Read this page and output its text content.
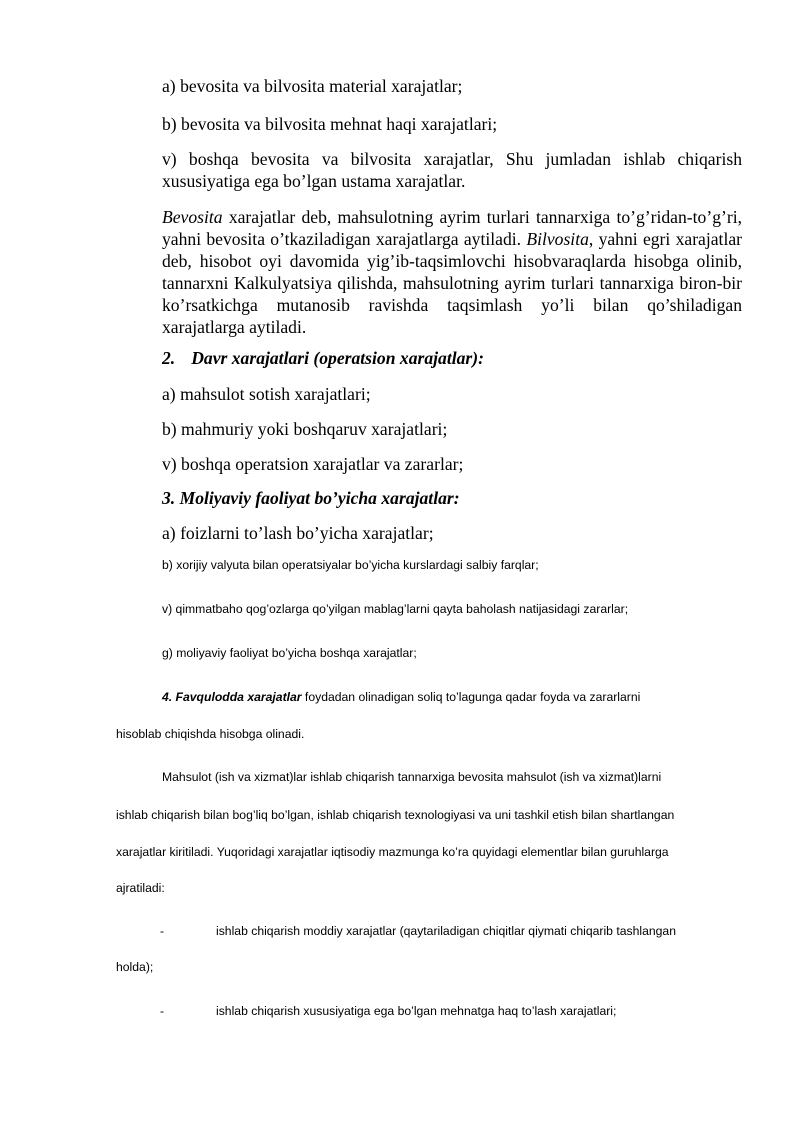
a) bevosita va bilvosita material xarajatlar;
b) bevosita va bilvosita mehnat haqi xarajatlari;
v) boshqa bevosita va bilvosita xarajatlar, Shu jumladan ishlab chiqarish xususiyatiga ega bo’lgan ustama xarajatlar.
Bevosita xarajatlar deb, mahsulotning ayrim turlari tannarxiga to’g’ridan-to’g’ri, yahni bevosita o’tkaziladigan xarajatlarga aytiladi. Bilvosita, yahni egri xarajatlar deb, hisobot oyi davomida yig’ib-taqsimlovchi hisobvaraqlarda hisobga olinib, tannarxni Kalkulyatsiya qilishda, mahsulotning ayrim turlari tannarxiga biron-bir ko’rsatkichga mutanosib ravishda taqsimlash yo’li bilan qo’shiladigan xarajatlarga aytiladi.
2. Davr xarajatlari (operatsion xarajatlar):
a) mahsulot sotish xarajatlari;
b) mahmuriy yoki boshqaruv xarajatlari;
v) boshqa operatsion xarajatlar va zararlar;
3. Moliyaviy faoliyat bo’yicha xarajatlar:
a) foizlarni to’lash bo’yicha xarajatlar;
b) xorijiy valyuta bilan operatsiyalar bo’yicha kurslardagi salbiy farqlar;
v) qimmatbaho qog’ozlarga qo’yilgan mablag’larni qayta baholash natijasidagi zararlar;
g) moliyaviy faoliyat bo’yicha boshqa xarajatlar;
4. Favqulodda xarajatlar foydadan olinadigan soliq to’lagunga qadar foyda va zararlarni
hisoblab chiqishda hisobga olinadi.
Mahsulot (ish va xizmat)lar ishlab chiqarish tannarxiga bevosita mahsulot (ish va xizmat)larni
ishlab chiqarish bilan bog’liq bo’lgan, ishlab chiqarish texnologiyasi va uni tashkil etish bilan shartlangan
xarajatlar kiritiladi. Yuqoridagi xarajatlar iqtisodiy mazmunga ko’ra quyidagi elementlar bilan guruhlarga
ajratiladi:
-	ishlab chiqarish moddiy xarajatlar (qaytariladigan chiqitlar qiymati chiqarib tashlangan
holda);
-	ishlab chiqarish xususiyatiga ega bo’lgan mehnatga haq to’lash xarajatlari;
